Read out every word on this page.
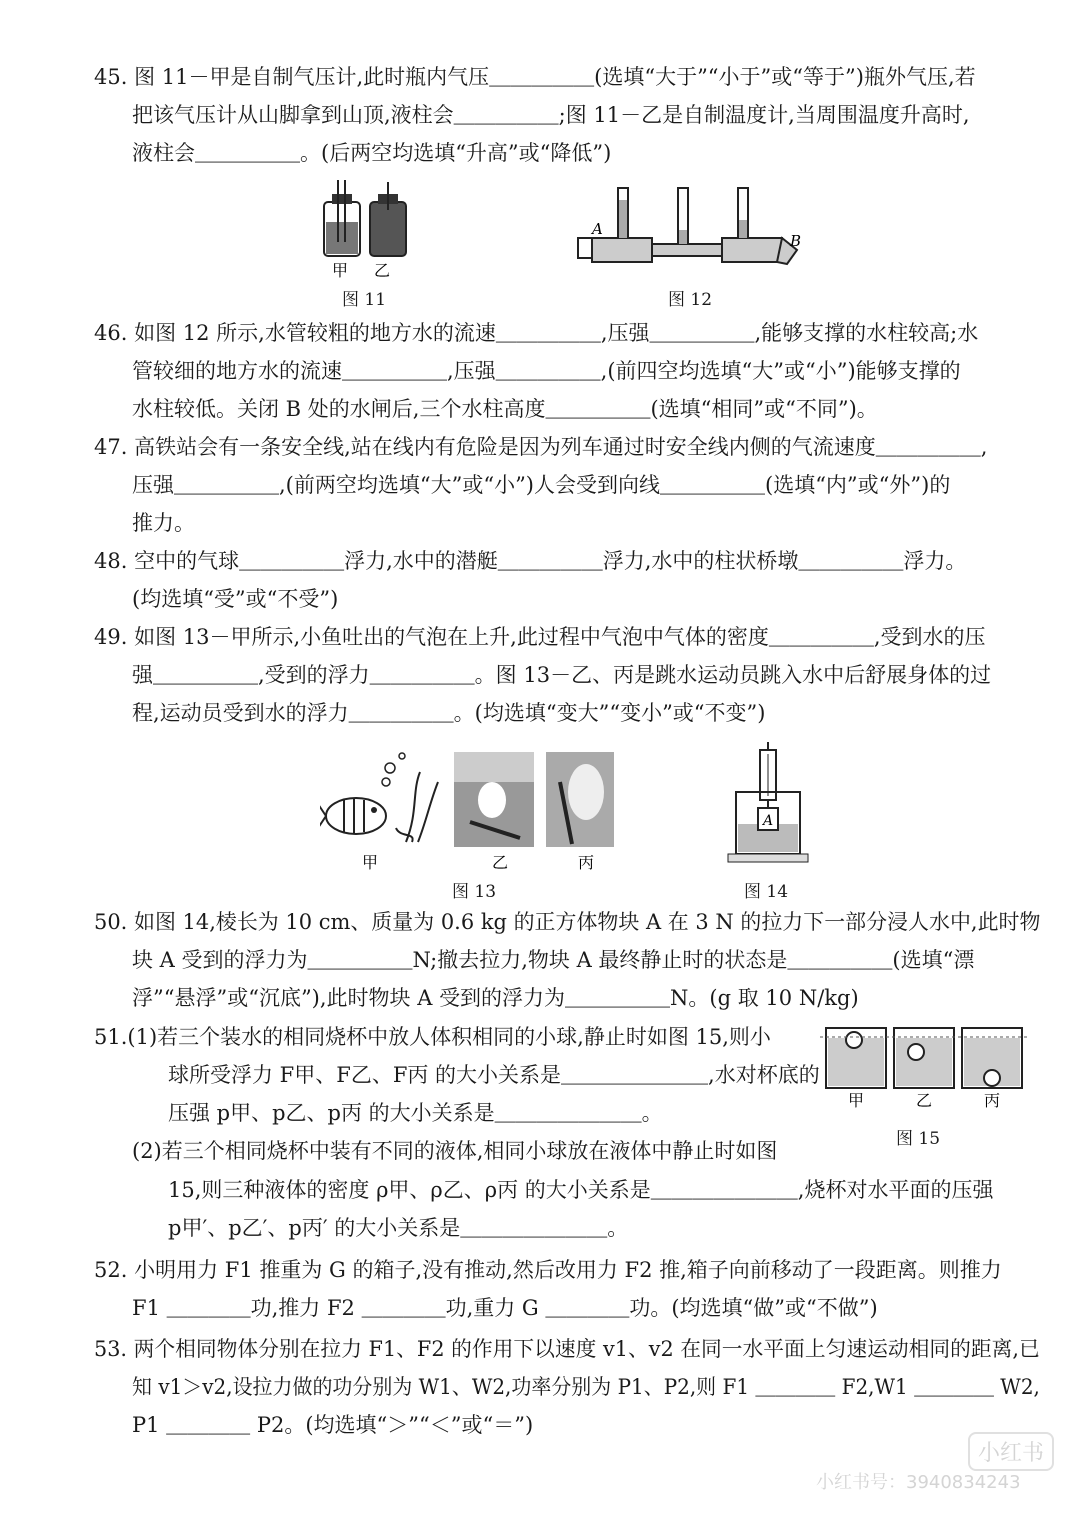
45. 图 11－甲是自制气压计,此时瓶内气压＿＿＿＿＿(选填“大于”“小于”或“等于”)瓶外气压,若
把该气压计从山脚拿到山顶,液柱会＿＿＿＿＿;图 11－乙是自制温度计,当周围温度升高时,
液柱会＿＿＿＿＿。(后两空均选填“升高”或“降低”)
46. 如图 12 所示,水管较粗的地方水的流速＿＿＿＿＿,压强＿＿＿＿＿,能够支撑的水柱较高;水
管较细的地方水的流速＿＿＿＿＿,压强＿＿＿＿＿,(前四空均选填“大”或“小”)能够支撑的
水柱较低。关闭 B 处的水闸后,三个水柱高度＿＿＿＿＿(选填“相同”或“不同”)。
47. 高铁站会有一条安全线,站在线内有危险是因为列车通过时安全线内侧的气流速度＿＿＿＿＿,
压强＿＿＿＿＿,(前两空均选填“大”或“小”)人会受到向线＿＿＿＿＿(选填“内”或“外”)的
推力。
48. 空中的气球＿＿＿＿＿浮力,水中的潜艇＿＿＿＿＿浮力,水中的柱状桥墩＿＿＿＿＿浮力。
(均选填“受”或“不受”)
49. 如图 13－甲所示,小鱼吐出的气泡在上升,此过程中气泡中气体的密度＿＿＿＿＿,受到水的压
强＿＿＿＿＿,受到的浮力＿＿＿＿＿。图 13－乙、丙是跳水运动员跳入水中后舒展身体的过
程,运动员受到水的浮力＿＿＿＿＿。(均选填“变大”“变小”或“不变”)
50. 如图 14,棱长为 10 cm、质量为 0.6 kg 的正方体物块 A 在 3 N 的拉力下一部分浸人水中,此时物
块 A 受到的浮力为＿＿＿＿＿N;撤去拉力,物块 A 最终静止时的状态是＿＿＿＿＿(选填“漂
浮”“悬浮”或“沉底”),此时物块 A 受到的浮力为＿＿＿＿＿N。(g 取 10 N/kg)
51.(1)若三个装水的相同烧杯中放人体积相同的小球,静止时如图 15,则小
球所受浮力 F甲、F乙、F丙 的大小关系是＿＿＿＿＿＿＿,水对杯底的
压强 p甲、p乙、p丙 的大小关系是＿＿＿＿＿＿＿。
(2)若三个相同烧杯中装有不同的液体,相同小球放在液体中静止时如图
15,则三种液体的密度 ρ甲、ρ乙、ρ丙 的大小关系是＿＿＿＿＿＿＿,烧杯对水平面的压强
p甲′、p乙′、p丙′ 的大小关系是＿＿＿＿＿＿＿。
52. 小明用力 F1 推重为 G 的箱子,没有推动,然后改用力 F2 推,箱子向前移动了一段距离。则推力
F1 ＿＿＿＿功,推力 F2 ＿＿＿＿功,重力 G ＿＿＿＿功。(均选填“做”或“不做”)
53. 两个相同物体分别在拉力 F1、F2 的作用下以速度 v1、v2 在同一水平面上匀速运动相同的距离,已
知 v1＞v2,设拉力做的功分别为 W1、W2,功率分别为 P1、P2,则 F1 ＿＿＿＿ F2,W1 ＿＿＿＿ W2,
P1 ＿＿＿＿ P2。(均选填“＞”“＜”或“＝”)
甲 乙
图 11
A
B
图 12
甲	乙	丙
图 13
A
图 14
甲	乙	丙
图 15
小红书
小红书号：3940834243
